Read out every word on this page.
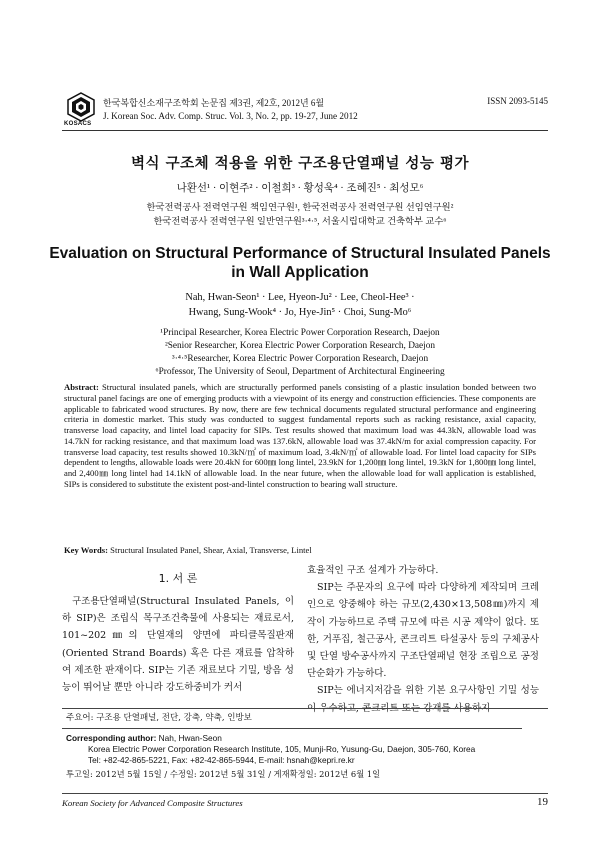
KOSACS
한국복합신소재구조학회 논문집 제3권, 제2호, 2012년 6월
J. Korean Soc. Adv. Comp. Struc. Vol. 3, No. 2, pp. 19-27, June 2012
ISSN 2093-5145
벽식 구조체 적용을 위한 구조용단열패널 성능 평가
나환선¹ · 이현주² · 이철희³ · 황성욱⁴ · 조혜진⁵ · 최성모⁶
한국전력공사 전력연구원 책임연구원¹, 한국전력공사 전력연구원 선임연구원²
한국전력공사 전력연구원 일반연구원³·⁴·⁵, 서울시립대학교 건축학부 교수⁶
Evaluation on Structural Performance of Structural Insulated Panels
in Wall Application
Nah, Hwan-Seon¹ · Lee, Hyeon-Ju² · Lee, Cheol-Hee³ ·
Hwang, Sung-Wook⁴ · Jo, Hye-Jin⁵ · Choi, Sung-Mo⁶
¹Principal Researcher, Korea Electric Power Corporation Research, Daejon
²Senior Researcher, Korea Electric Power Corporation Research, Daejon
³·⁴·⁵Researcher, Korea Electric Power Corporation Research, Daejon
⁶Professor, The University of Seoul, Department of Architectural Engineering
Abstract: Structural insulated panels, which are structurally performed panels consisting of a plastic insulation bonded between two structural panel facings are one of emerging products with a viewpoint of its energy and construction efficiencies. These components are applicable to fabricated wood structures. By now, there are few technical documents regulated structural performance and engineering criteria in domestic market. This study was conducted to suggest fundamental reports such as racking resistance, axial capacity, transverse load capacity, and lintel load capacity for SIPs. Test results showed that maximum load was 44.3kN, allowable load was 14.7kN for racking resistance, and that maximum load was 137.6kN, allowable load was 37.4kN/m for axial compression capacity. For transverse load capacity, test results showed 10.3kN/㎡ of maximum load, 3.4kN/㎡ of allowable load. For lintel load capacity for SIPs dependent to lengths, allowable loads were 20.4kN for 600㎜ long lintel, 23.9kN for 1,200㎜ long lintel, 19.3kN for 1,800㎜ long lintel, and 2,400㎜ long lintel had 14.1kN of allowable load. In the near future, when the allowable load for wall application is established, SIPs is considered to substitute the existent post-and-lintel construction to bearing wall structure.
Key Words: Structural Insulated Panel, Shear, Axial, Transverse, Lintel
1. 서 론
구조용단열패널(Structural Insulated Panels, 이하 SIP)은 조립식 목구조건축물에 사용되는 재료로서, 101~202㎜의 단열재의 양면에 파티클목질판재(Oriented Strand Boards) 혹은 다른 재료를 압착하여 제조한 판재이다. SIP는 기존 재료보다 기밀, 방음 성능이 뛰어날 뿐만 아니라 강도하중비가 커서
효율적인 구조 설계가 가능하다.
SIP는 주문자의 요구에 따라 다양하게 제작되며 크레인으로 양중해야 하는 규모(2,430×13,508㎜)까지 제작이 가능하므로 주택 규모에 따른 시공 제약이 없다. 또한, 거푸집, 철근공사, 콘크리트 타설공사 등의 구체공사 및 단열 방수공사까지 구조단열패널 현장 조립으로 공정 단순화가 가능하다.
SIP는 에너지저감을 위한 기본 요구사항인 기밀 성능이 우수하고, 콘크리트 또는 강재를 사용하지
주요어: 구조용 단열패널, 전단, 강축, 약축, 인방보
Corresponding author: Nah, Hwan-Seon
Korea Electric Power Corporation Research Institute, 105, Munji-Ro, Yusung-Gu, Daejon, 305-760, Korea
Tel: +82-42-865-5221, Fax: +82-42-865-5944, E-mail: hsnah@kepri.re.kr
투고일: 2012년 5월 15일 / 수정일: 2012년 5월 31일 / 게재확정일: 2012년 6월 1일
Korean Society for Advanced Composite Structures	19
